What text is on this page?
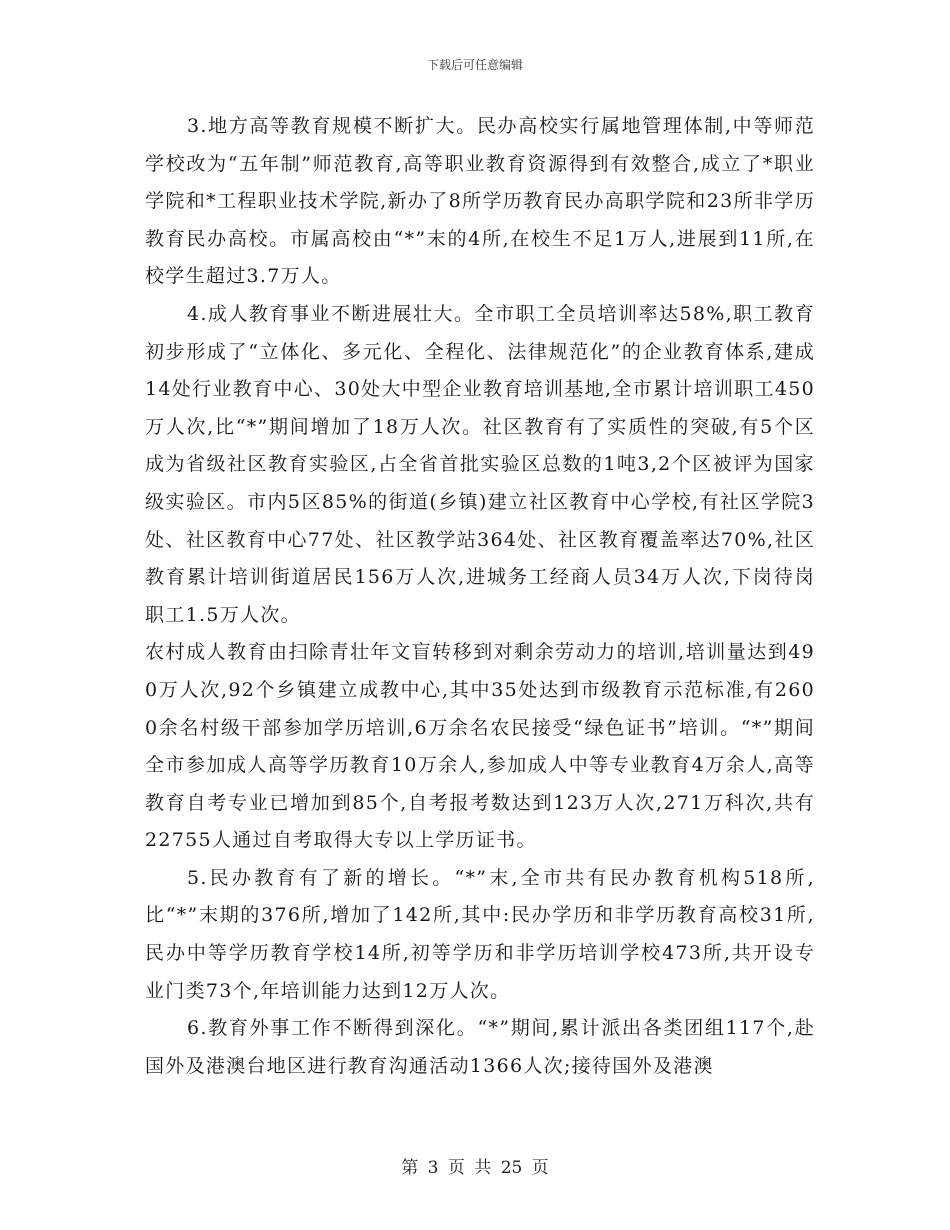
下载后可任意编辑

3.地方高等教育规模不断扩大。民办高校实行属地管理体制,中等师范学校改为“五年制”师范教育,高等职业教育资源得到有效整合,成立了*职业学院和*工程职业技术学院,新办了8所学历教育民办高职学院和23所非学历教育民办高校。市属高校由“*”末的4所,在校生不足1万人,进展到11所,在校学生超过3.7万人。

4.成人教育事业不断进展壮大。全市职工全员培训率达58%,职工教育初步形成了“立体化、多元化、全程化、法律规范化”的企业教育体系,建成14处行业教育中心、30处大中型企业教育培训基地,全市累计培训职工450万人次,比“*”期间增加了18万人次。社区教育有了实质性的突破,有5个区成为省级社区教育实验区,占全省首批实验区总数的1吨3,2个区被评为国家级实验区。市内5区85%的街道(乡镇)建立社区教育中心学校,有社区学院3处、社区教育中心77处、社区教学站364处、社区教育覆盖率达70%,社区教育累计培训街道居民156万人次,进城务工经商人员34万人次,下岗待岗职工1.5万人次。

农村成人教育由扫除青壮年文盲转移到对剩余劳动力的培训,培训量达到490万人次,92个乡镇建立成教中心,其中35处达到市级教育示范标准,有2600余名村级干部参加学历培训,6万余名农民接受“绿色证书”培训。“*”期间全市参加成人高等学历教育10万余人,参加成人中等专业教育4万余人,高等教育自考专业已增加到85个,自考报考数达到123万人次,271万科次,共有22755人通过自考取得大专以上学历证书。

5.民办教育有了新的增长。“*”末,全市共有民办教育机构518所,比“*”末期的376所,增加了142所,其中:民办学历和非学历教育高校31所,民办中等学历教育学校14所,初等学历和非学历培训学校473所,共开设专业门类73个,年培训能力达到12万人次。

6.教育外事工作不断得到深化。“*”期间,累计派出各类团组117个,赴国外及港澳台地区进行教育沟通活动1366人次;接待国外及港澳

第 3 页 共 25 页
